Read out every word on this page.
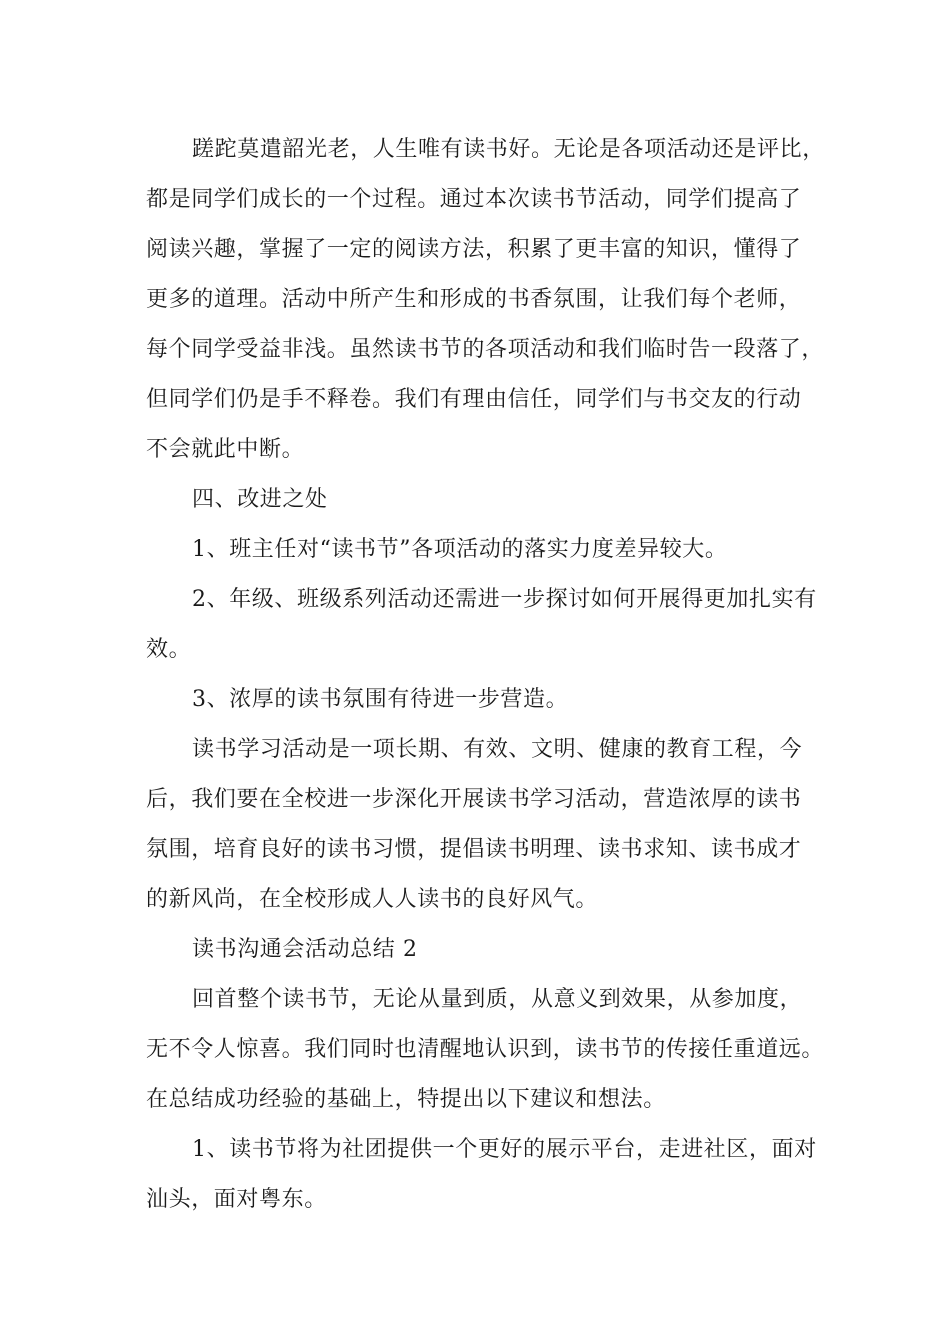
蹉跎莫遣韶光老，人生唯有读书好。无论是各项活动还是评比，
都是同学们成长的一个过程。通过本次读书节活动，同学们提高了
阅读兴趣，掌握了一定的阅读方法，积累了更丰富的知识，懂得了
更多的道理。活动中所产生和形成的书香氛围，让我们每个老师，
每个同学受益非浅。虽然读书节的各项活动和我们临时告一段落了，
但同学们仍是手不释卷。我们有理由信任，同学们与书交友的行动
不会就此中断。
四、改进之处
1、班主任对“读书节”各项活动的落实力度差异较大。
2、年级、班级系列活动还需进一步探讨如何开展得更加扎实有
效。
3、浓厚的读书氛围有待进一步营造。
读书学习活动是一项长期、有效、文明、健康的教育工程，今
后，我们要在全校进一步深化开展读书学习活动，营造浓厚的读书
氛围，培育良好的读书习惯，提倡读书明理、读书求知、读书成才
的新风尚，在全校形成人人读书的良好风气。
读书沟通会活动总结 2
回首整个读书节，无论从量到质，从意义到效果，从参加度，
无不令人惊喜。我们同时也清醒地认识到，读书节的传接任重道远。
在总结成功经验的基础上，特提出以下建议和想法。
1、读书节将为社团提供一个更好的展示平台，走进社区，面对
汕头，面对粤东。
